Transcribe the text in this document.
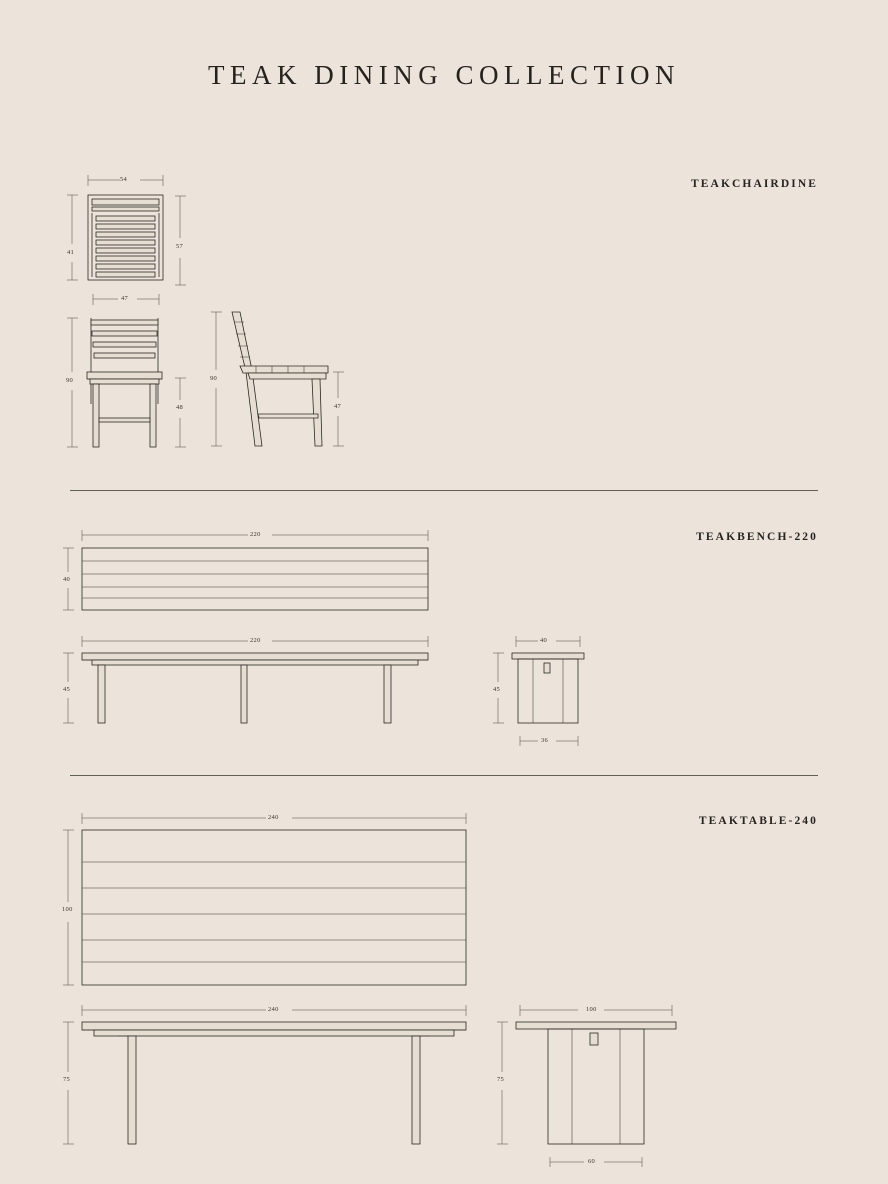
TEAK DINING COLLECTION
TEAKCHAIRDINE
TEAKBENCH-220
TEAKTABLE-240
54
41
57
47
90
48
90
47
220
40
220
45
40
45
36
240
100
240
75
100
75
60
